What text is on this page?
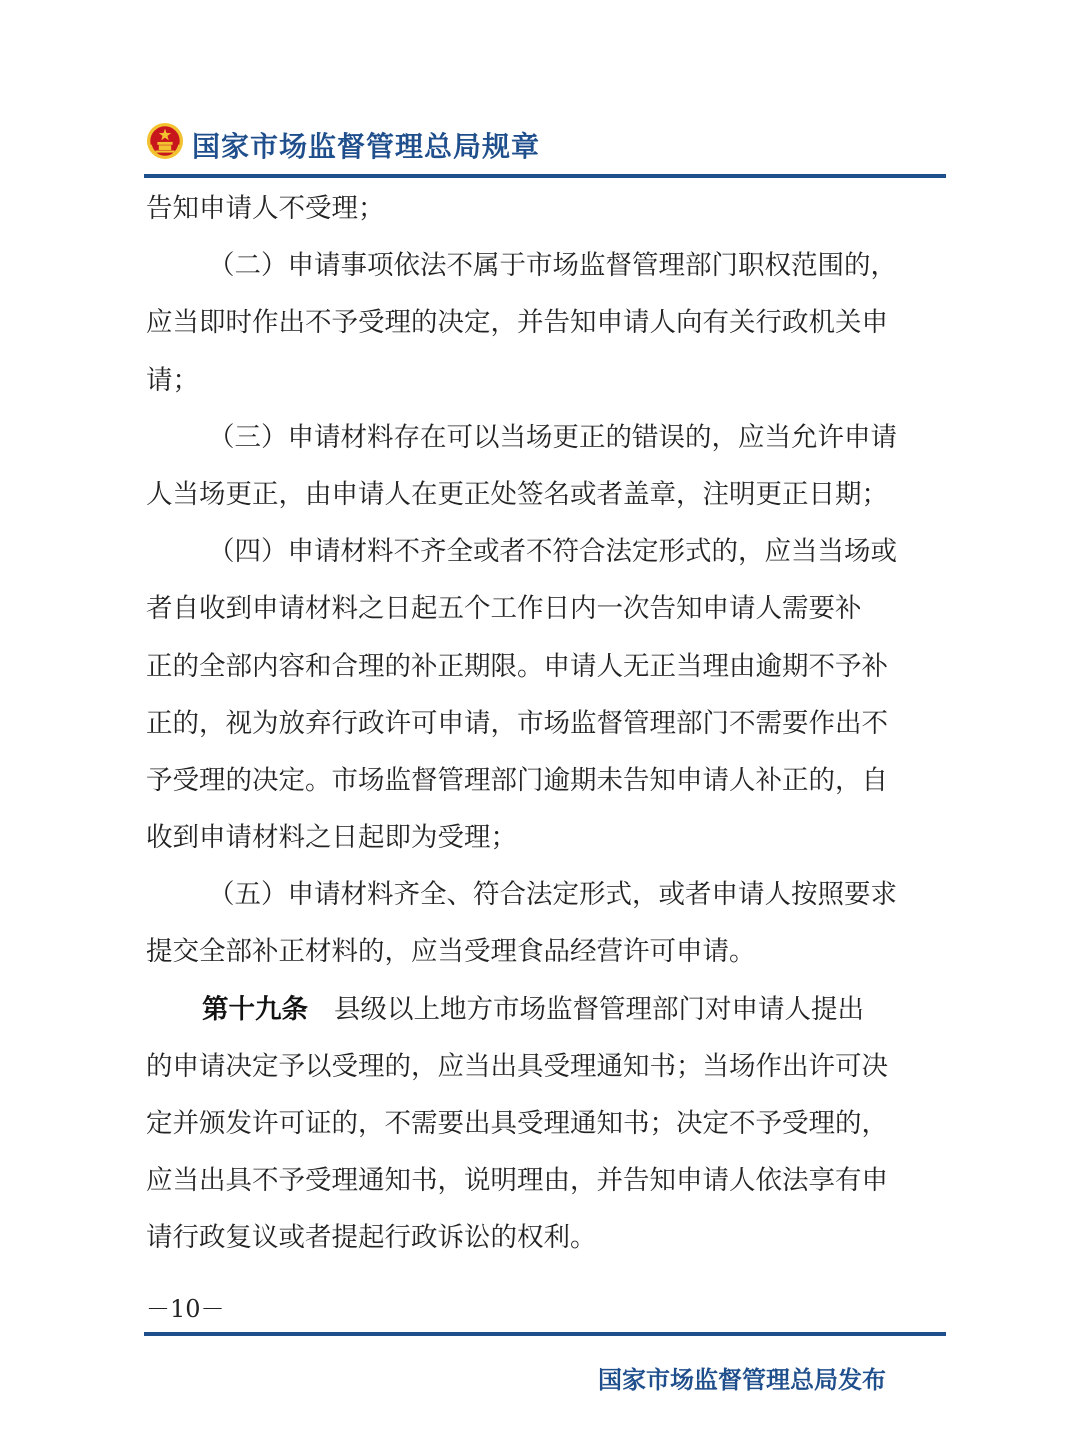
国家市场监督管理总局规章
告知申请人不受理；
（二）申请事项依法不属于市场监督管理部门职权范围的，
应当即时作出不予受理的决定，并告知申请人向有关行政机关申
请；
（三）申请材料存在可以当场更正的错误的，应当允许申请
人当场更正，由申请人在更正处签名或者盖章，注明更正日期；
（四）申请材料不齐全或者不符合法定形式的，应当当场或
者自收到申请材料之日起五个工作日内一次告知申请人需要补
正的全部内容和合理的补正期限。申请人无正当理由逾期不予补
正的，视为放弃行政许可申请，市场监督管理部门不需要作出不
予受理的决定。市场监督管理部门逾期未告知申请人补正的，自
收到申请材料之日起即为受理；
（五）申请材料齐全、符合法定形式，或者申请人按照要求
提交全部补正材料的，应当受理食品经营许可申请。
第十九条 县级以上地方市场监督管理部门对申请人提出
的申请决定予以受理的，应当出具受理通知书；当场作出许可决
定并颁发许可证的，不需要出具受理通知书；决定不予受理的，
应当出具不予受理通知书，说明理由，并告知申请人依法享有申
请行政复议或者提起行政诉讼的权利。
－10－
国家市场监督管理总局发布
